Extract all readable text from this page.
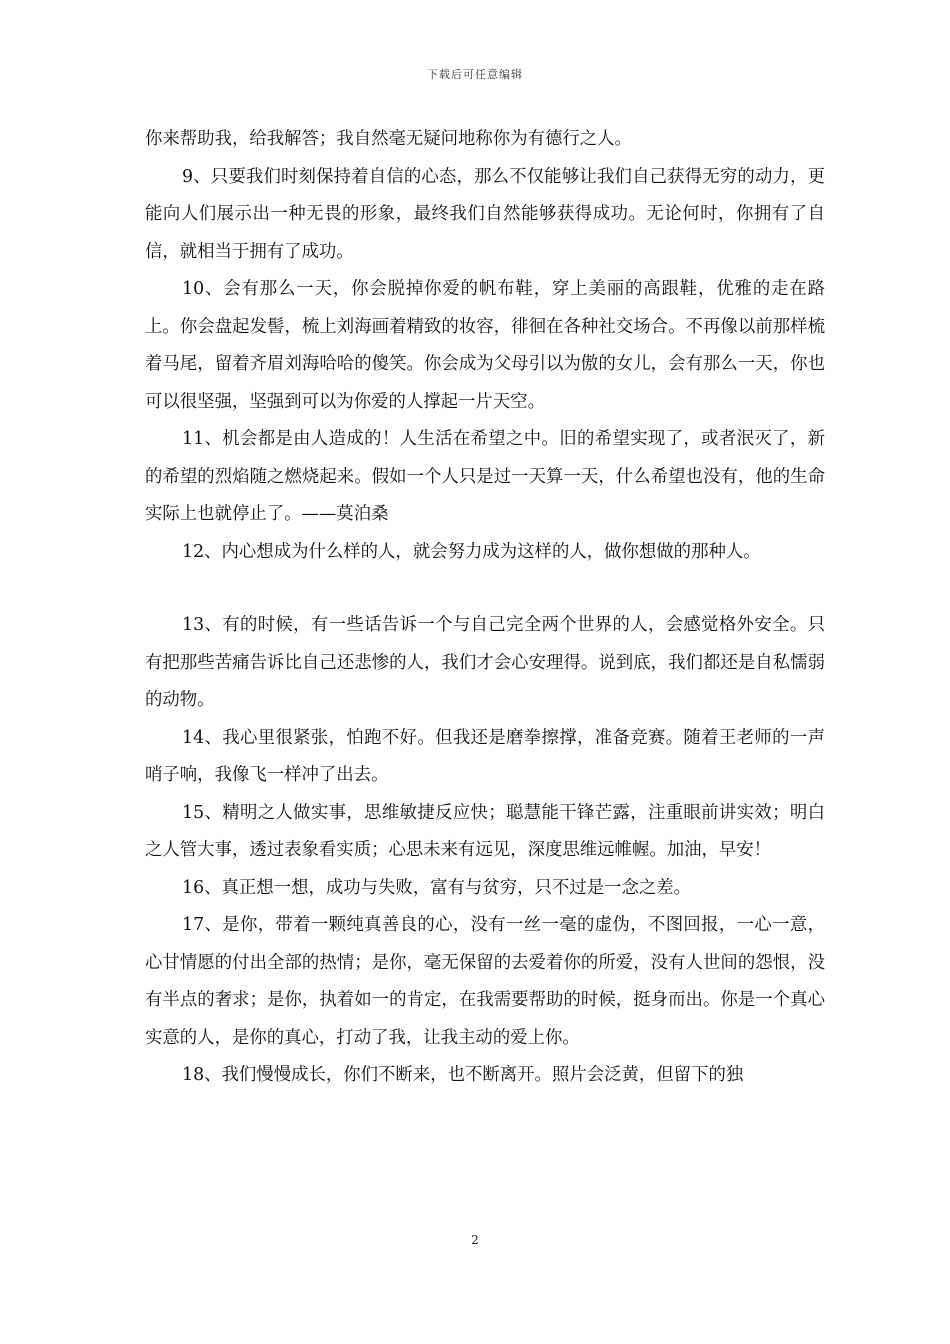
下载后可任意编辑

你来帮助我，给我解答；我自然毫无疑问地称你为有德行之人。

9、只要我们时刻保持着自信的心态，那么不仅能够让我们自己获得无穷的动力，更能向人们展示出一种无畏的形象，最终我们自然能够获得成功。无论何时，你拥有了自信，就相当于拥有了成功。

10、会有那么一天，你会脱掉你爱的帆布鞋，穿上美丽的高跟鞋，优雅的走在路上。你会盘起发髻，梳上刘海画着精致的妆容，徘徊在各种社交场合。不再像以前那样梳着马尾，留着齐眉刘海哈哈的傻笑。你会成为父母引以为傲的女儿，会有那么一天，你也可以很坚强，坚强到可以为你爱的人撑起一片天空。

11、机会都是由人造成的！人生活在希望之中。旧的希望实现了，或者泯灭了，新的希望的烈焰随之燃烧起来。假如一个人只是过一天算一天，什么希望也没有，他的生命实际上也就停止了。——莫泊桑

12、内心想成为什么样的人，就会努力成为这样的人，做你想做的那种人。

13、有的时候，有一些话告诉一个与自己完全两个世界的人，会感觉格外安全。只有把那些苦痛告诉比自己还悲惨的人，我们才会心安理得。说到底，我们都还是自私懦弱的动物。

14、我心里很紧张，怕跑不好。但我还是磨拳擦撑，准备竞赛。随着王老师的一声哨子响，我像飞一样冲了出去。

15、精明之人做实事，思维敏捷反应快；聪慧能干锋芒露，注重眼前讲实效；明白之人管大事，透过表象看实质；心思未来有远见，深度思维远帷幄。加油，早安！

16、真正想一想，成功与失败，富有与贫穷，只不过是一念之差。

17、是你，带着一颗纯真善良的心，没有一丝一毫的虚伪，不图回报，一心一意，心甘情愿的付出全部的热情；是你，毫无保留的去爱着你的所爱，没有人世间的怨恨，没有半点的奢求；是你，执着如一的肯定，在我需要帮助的时候，挺身而出。你是一个真心实意的人，是你的真心，打动了我，让我主动的爱上你。

18、我们慢慢成长，你们不断来，也不断离开。照片会泛黄，但留下的独

2
